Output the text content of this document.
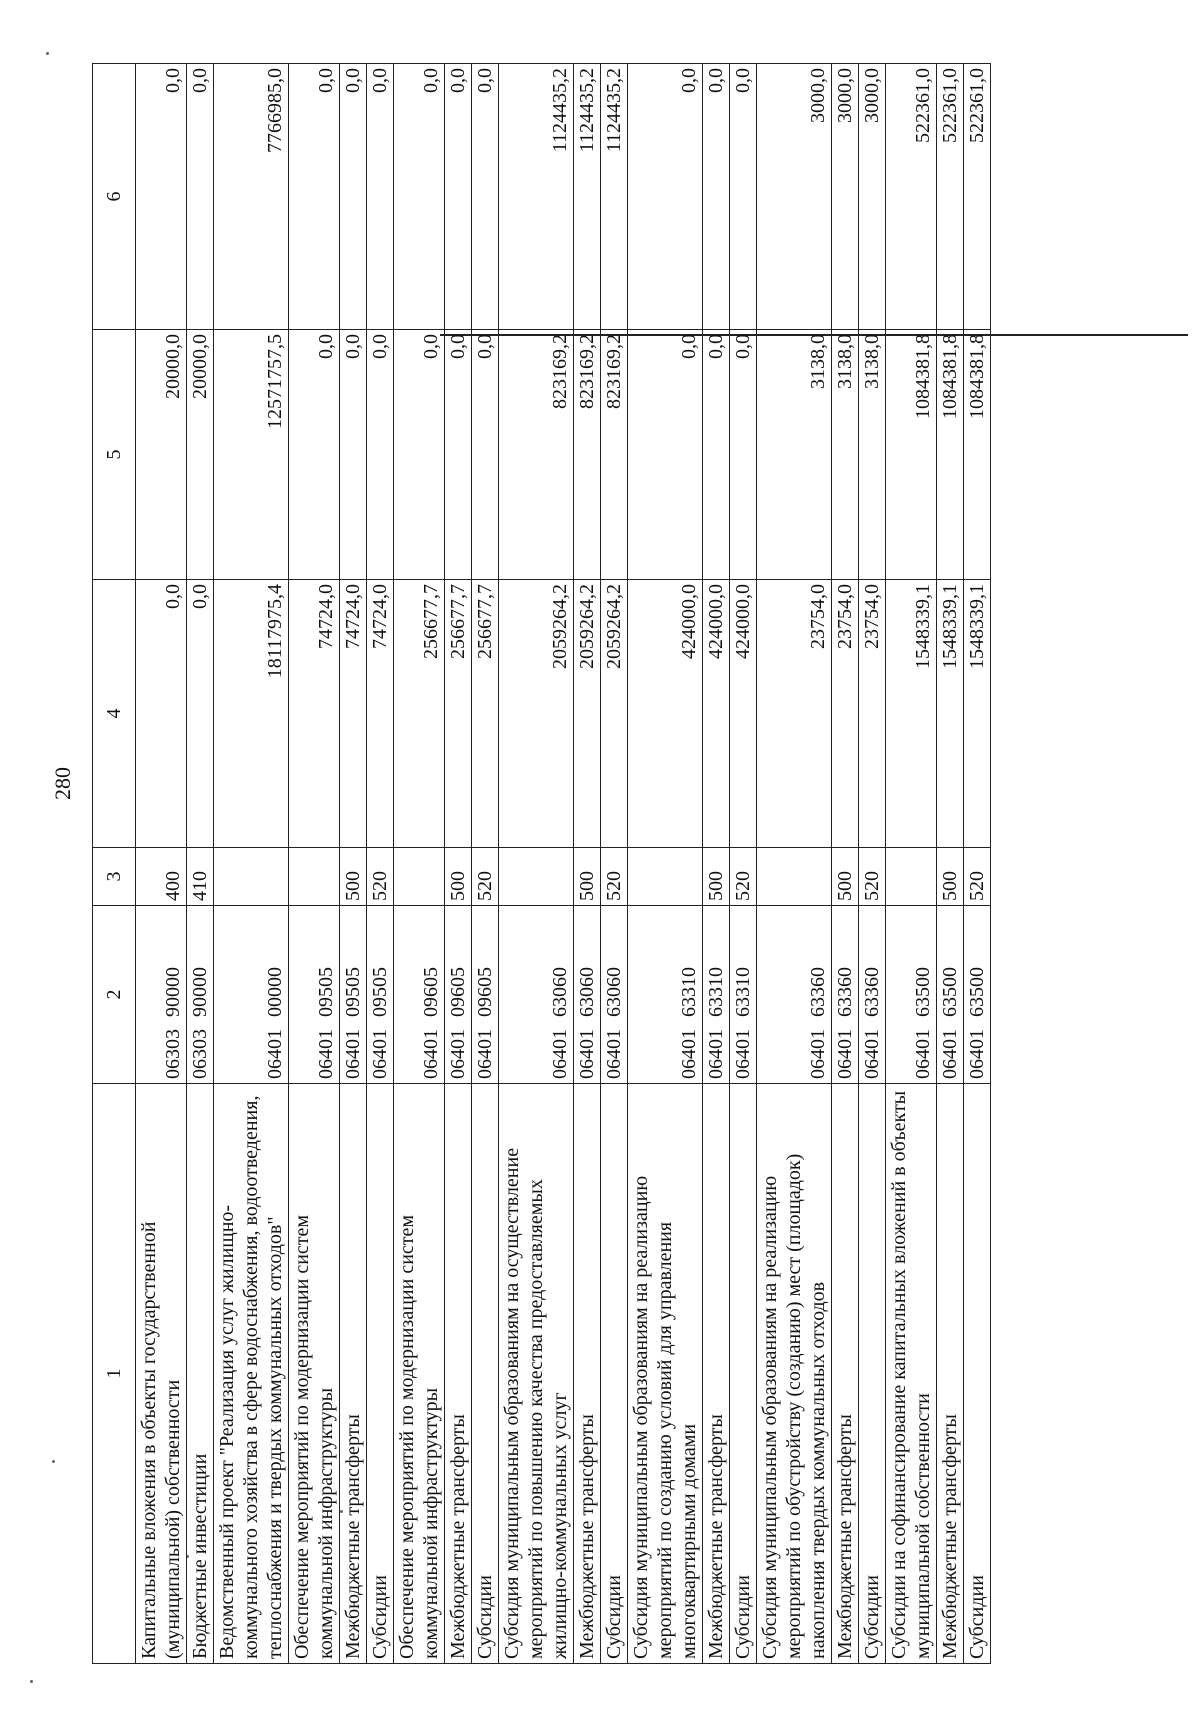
280
1	2	3	4	5	6
Капитальные вложения в объекты государственной (муниципальной) собственности	0630390000	400	0,0	20000,0	0,0
Бюджетные инвестиции	0630390000	410	0,0	20000,0	0,0
Ведомственный проект "Реализация услуг жилищно-коммунального хозяйства в сфере водоснабжения, водоотведения, теплоснабжения и твердых коммунальных отходов"	0640100000		18117975,4	12571757,5	7766985,0
Обеспечение мероприятий по модернизации систем коммунальной инфраструктуры	0640109505		74724,0	0,0	0,0
Межбюджетные трансферты	0640109505	500	74724,0	0,0	0,0
Субсидии	0640109505	520	74724,0	0,0	0,0
Обеспечение мероприятий по модернизации систем коммунальной инфраструктуры	0640109605		256677,7	0,0	0,0
Межбюджетные трансферты	0640109605	500	256677,7	0,0	0,0
Субсидии	0640109605	520	256677,7	0,0	0,0
Субсидия муниципальным образованиям на осуществление мероприятий по повышению качества предоставляемых жилищно-коммунальных услуг	0640163060		2059264,2	823169,2	1124435,2
Межбюджетные трансферты	0640163060	500	2059264,2	823169,2	1124435,2
Субсидии	0640163060	520	2059264,2	823169,2	1124435,2
Субсидия муниципальным образованиям на реализацию мероприятий по созданию условий для управления многоквартирными домами	0640163310		424000,0	0,0	0,0
Межбюджетные трансферты	0640163310	500	424000,0	0,0	0,0
Субсидии	0640163310	520	424000,0	0,0	0,0
Субсидия муниципальным образованиям на реализацию мероприятий по обустройству (созданию) мест (площадок) накопления твердых коммунальных отходов	0640163360		23754,0	3138,0	3000,0
Межбюджетные трансферты	0640163360	500	23754,0	3138,0	3000,0
Субсидии	0640163360	520	23754,0	3138,0	3000,0
Субсидии на софинансирование капитальных вложений в объекты муниципальной собственности	0640163500		1548339,1	1084381,8	522361,0
Межбюджетные трансферты	0640163500	500	1548339,1	1084381,8	522361,0
Субсидии	0640163500	520	1548339,1	1084381,8	522361,0
